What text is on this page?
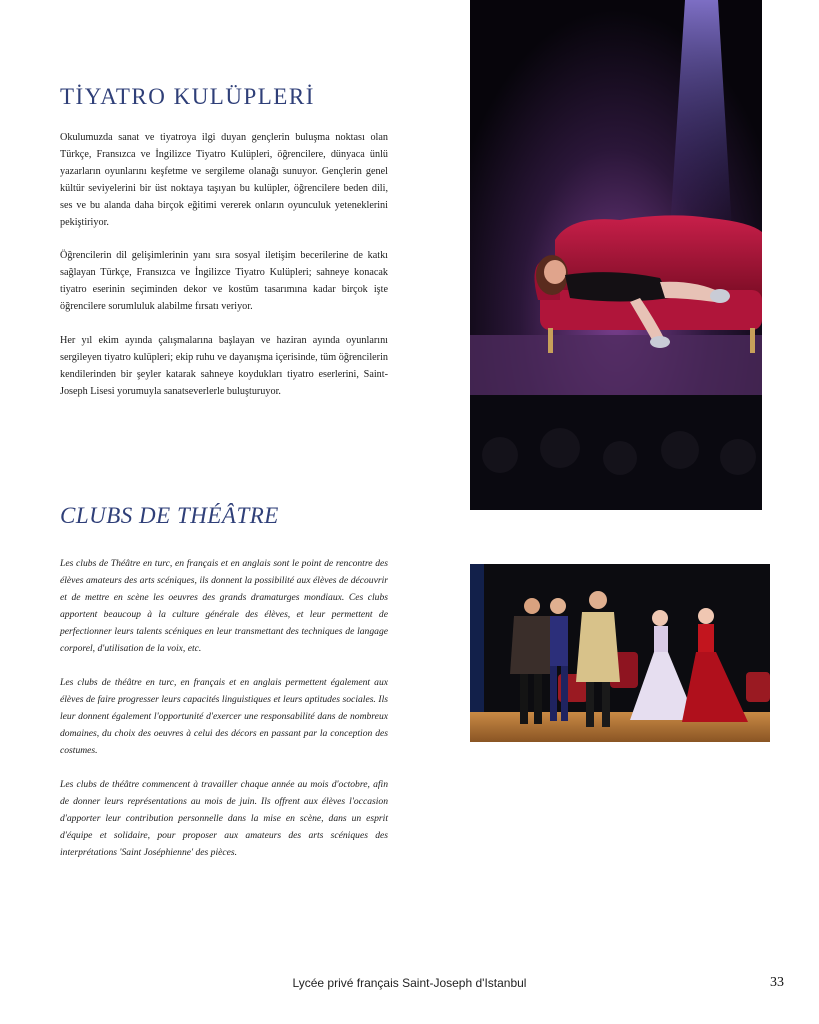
TİYATRO KULÜPLERİ

Okulumuzda sanat ve tiyatroya ilgi duyan gençlerin buluşma noktası olan Türkçe, Fransızca ve İngilizce Tiyatro Kulüpleri, öğrencilere, dünyaca ünlü yazarların oyunlarını keşfetme ve sergileme olanağı sunuyor. Gençlerin genel kültür seviyelerini bir üst noktaya taşıyan bu kulüpler, öğrencilere beden dili, ses ve bu alanda daha birçok eğitimi vererek onların oyunculuk yeteneklerini pekiştiriyor.

Öğrencilerin dil gelişimlerinin yanı sıra sosyal iletişim becerilerine de katkı sağlayan Türkçe, Fransızca ve İngilizce Tiyatro Kulüpleri; sahneye konacak tiyatro eserinin seçiminden dekor ve kostüm tasarımına kadar birçok işte öğrencilere sorumluluk alabilme fırsatı veriyor.

Her yıl ekim ayında çalışmalarına başlayan ve haziran ayında oyunlarını sergileyen tiyatro kulüpleri; ekip ruhu ve dayanışma içerisinde, tüm öğrencilerin kendilerinden bir şeyler katarak sahneye koydukları tiyatro eserlerini, Saint-Joseph Lisesi yorumuyla sanatseverlerle buluşturuyor.

CLUBS DE THÉÂTRE

Les clubs de Théâtre en turc, en français et en anglais sont le point de rencontre des élèves amateurs des arts scéniques, ils donnent la possibilité aux élèves de découvrir et de mettre en scène les oeuvres des grands dramaturges mondiaux. Ces clubs apportent beaucoup à la culture générale des élèves, et leur permettent de perfectionner leurs talents scéniques en leur transmettant des techniques de langage corporel, d'utilisation de la voix, etc.

Les clubs de théâtre en turc, en français et en anglais permettent également aux élèves de faire progresser leurs capacités linguistiques et leurs aptitudes sociales. Ils leur donnent également l'opportunité d'exercer une responsabilité dans de nombreux domaines, du choix des oeuvres à celui des décors en passant par la conception des costumes.

Les clubs de théâtre commencent à travailler chaque année au mois d'octobre, afin de donner leurs représentations au mois de juin. Ils offrent aux élèves l'occasion d'apporter leur contribution personnelle dans la mise en scène, dans un esprit d'équipe et solidaire, pour proposer aux amateurs des arts scéniques des interprétations 'Saint Joséphienne' des pièces.

Lycée privé français Saint-Joseph d'Istanbul	33
